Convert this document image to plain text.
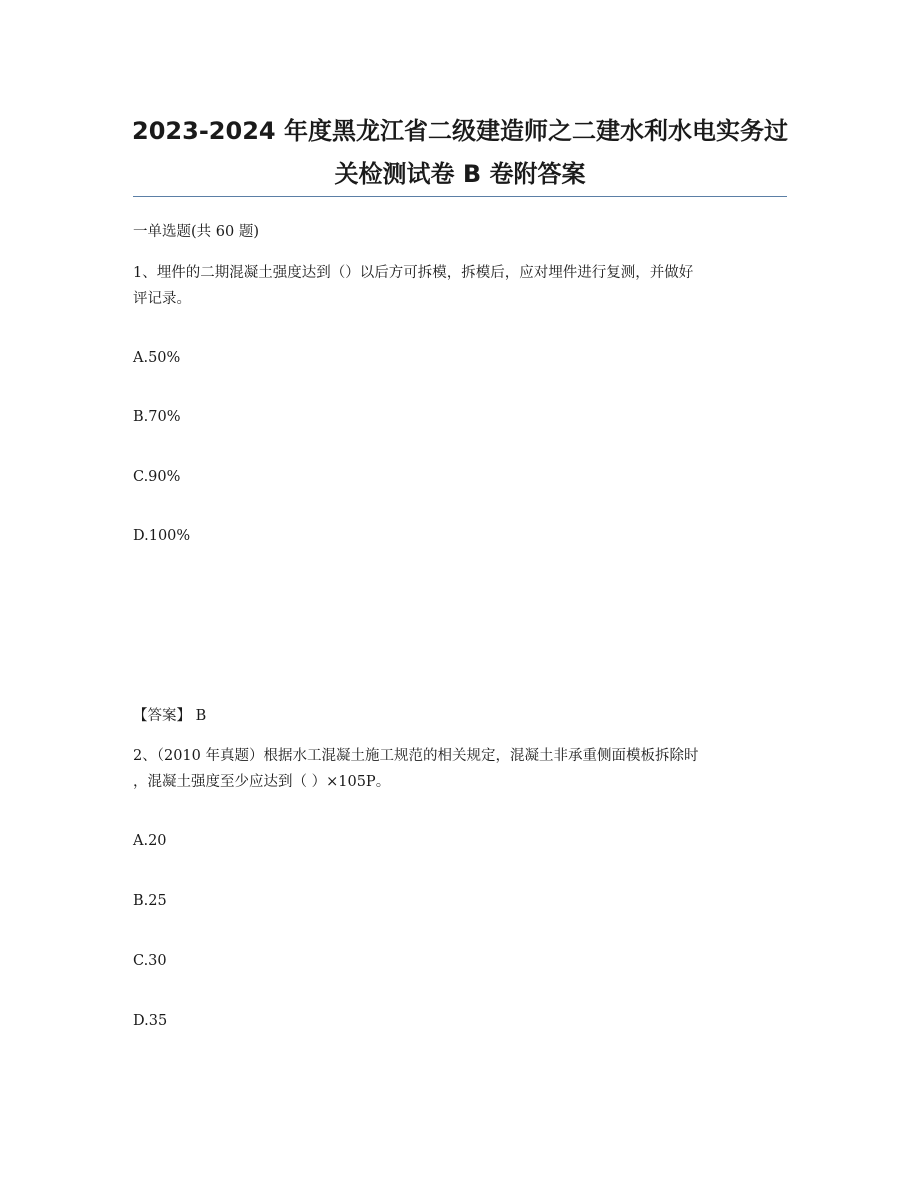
2023-2024 年度黑龙江省二级建造师之二建水利水电实务过
关检测试卷 B 卷附答案
一单选题(共 60 题)
1、埋件的二期混凝土强度达到（）以后方可拆模，拆模后，应对埋件进行复测，并做好
评记录。
A.50%
B.70%
C.90%
D.100%
【答案】 B
2、（2010 年真题）根据水工混凝土施工规范的相关规定，混凝土非承重侧面模板拆除时
，混凝土强度至少应达到（ ）×105P。
A.20
B.25
C.30
D.35
